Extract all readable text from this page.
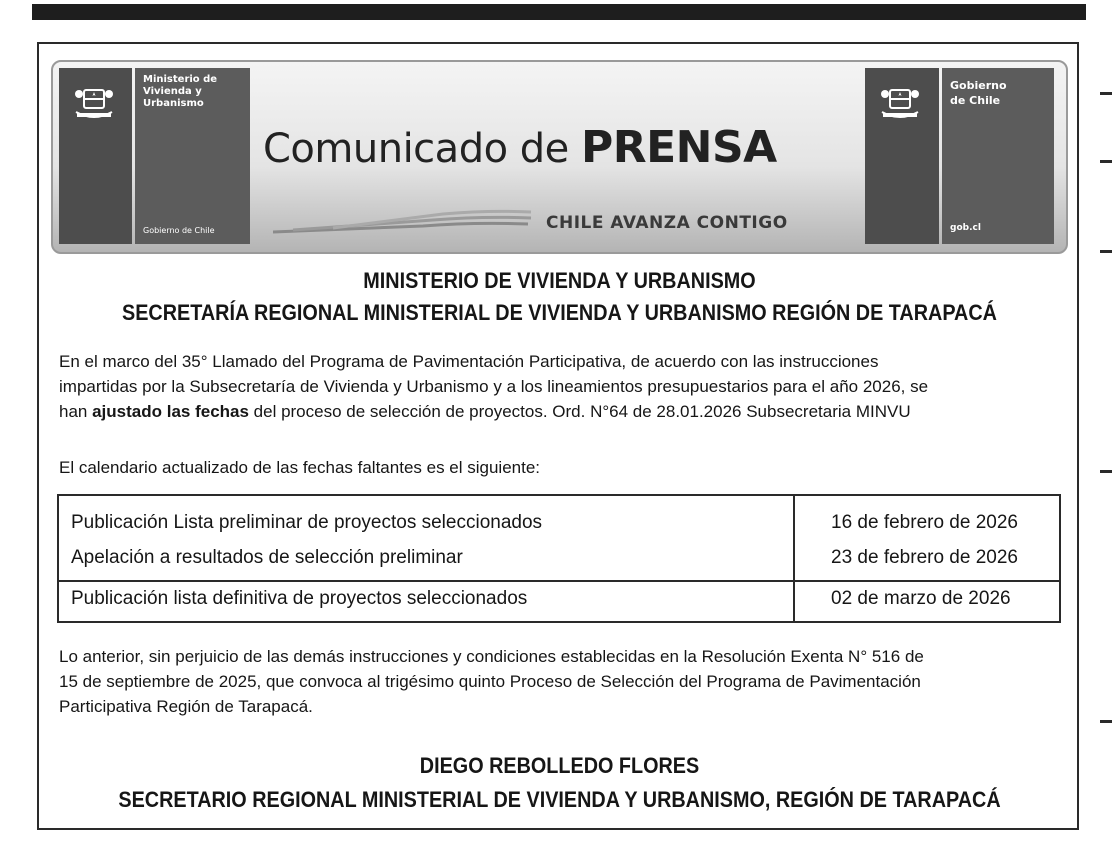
Ministerio de
Vivienda y
Urbanismo
Gobierno de Chile
Comunicado de PRENSA
CHILE AVANZA CONTIGO
Gobierno
de Chile
gob.cl
MINISTERIO DE VIVIENDA Y URBANISMO
SECRETARÍA REGIONAL MINISTERIAL DE VIVIENDA Y URBANISMO REGIÓN DE TARAPACÁ
En el marco del 35° Llamado del Programa de Pavimentación Participativa, de acuerdo con las instrucciones
impartidas por la Subsecretaría de Vivienda y Urbanismo y a los lineamientos presupuestarios para el año 2026, se
han ajustado las fechas del proceso de selección de proyectos. Ord. N°64 de 28.01.2026 Subsecretaria MINVU
El calendario actualizado de las fechas faltantes es el siguiente:
Publicación Lista preliminar de proyectos seleccionados	16 de febrero de 2026
Apelación a resultados de selección preliminar	23 de febrero de 2026
Publicación lista definitiva de proyectos seleccionados	02 de marzo de 2026
Lo anterior, sin perjuicio de las demás instrucciones y condiciones establecidas en la Resolución Exenta N° 516 de
15 de septiembre de 2025, que convoca al trigésimo quinto Proceso de Selección del Programa de Pavimentación
Participativa Región de Tarapacá.
DIEGO REBOLLEDO FLORES
SECRETARIO REGIONAL MINISTERIAL DE VIVIENDA Y URBANISMO, REGIÓN DE TARAPACÁ
